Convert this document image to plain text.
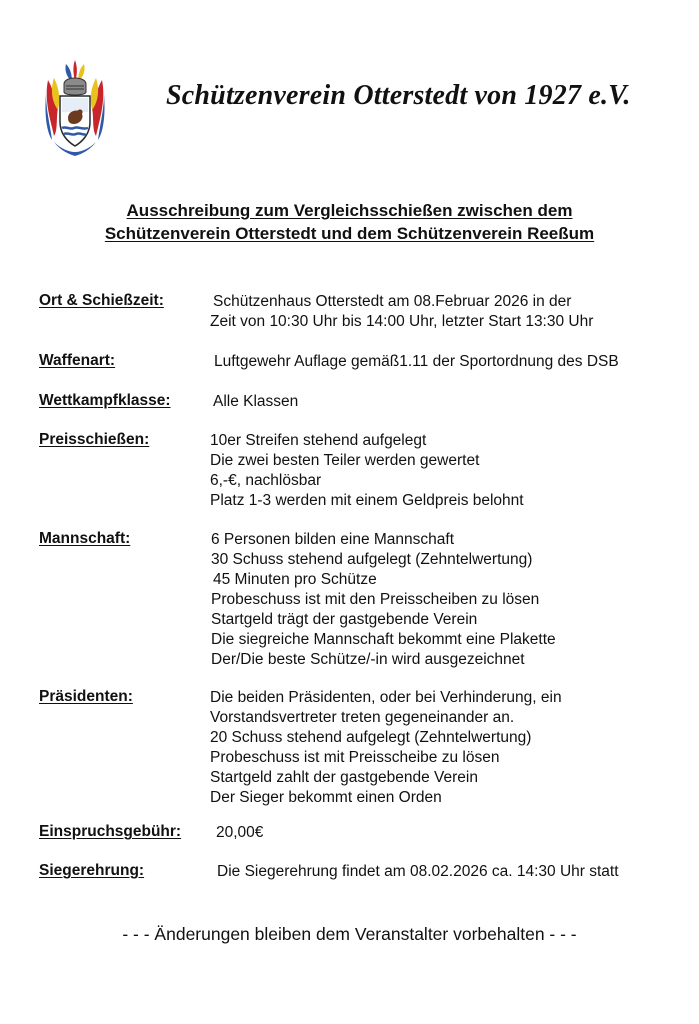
Schützenverein Otterstedt von 1927 e.V.
Ausschreibung zum Vergleichsschießen zwischen dem
Schützenverein Otterstedt und dem Schützenverein Reeßum
Ort & Schießzeit:	Schützenhaus Otterstedt am 08.Februar 2026 in der
Zeit von 10:30 Uhr bis 14:00 Uhr, letzter Start 13:30 Uhr
Waffenart:	Luftgewehr Auflage gemäß1.11 der Sportordnung des DSB
Wettkampfklasse:	Alle Klassen
Preisschießen:	10er Streifen stehend aufgelegt
Die zwei besten Teiler werden gewertet
6,-€, nachlösbar
Platz 1-3 werden mit einem Geldpreis belohnt
Mannschaft:	6 Personen bilden eine Mannschaft
30 Schuss stehend aufgelegt (Zehntelwertung)
45 Minuten pro Schütze
Probeschuss ist mit den Preisscheiben zu lösen
Startgeld trägt der gastgebende Verein
Die siegreiche Mannschaft bekommt eine Plakette
Der/Die beste Schütze/-in wird ausgezeichnet
Präsidenten:	Die beiden Präsidenten, oder bei Verhinderung, ein
Vorstandsvertreter treten gegeneinander an.
20 Schuss stehend aufgelegt (Zehntelwertung)
Probeschuss ist mit Preisscheibe zu lösen
Startgeld zahlt der gastgebende Verein
Der Sieger bekommt einen Orden
Einspruchsgebühr: 20,00€
Siegerehrung:	Die Siegerehrung findet am 08.02.2026 ca. 14:30 Uhr statt
- - - Änderungen bleiben dem Veranstalter vorbehalten - - -
